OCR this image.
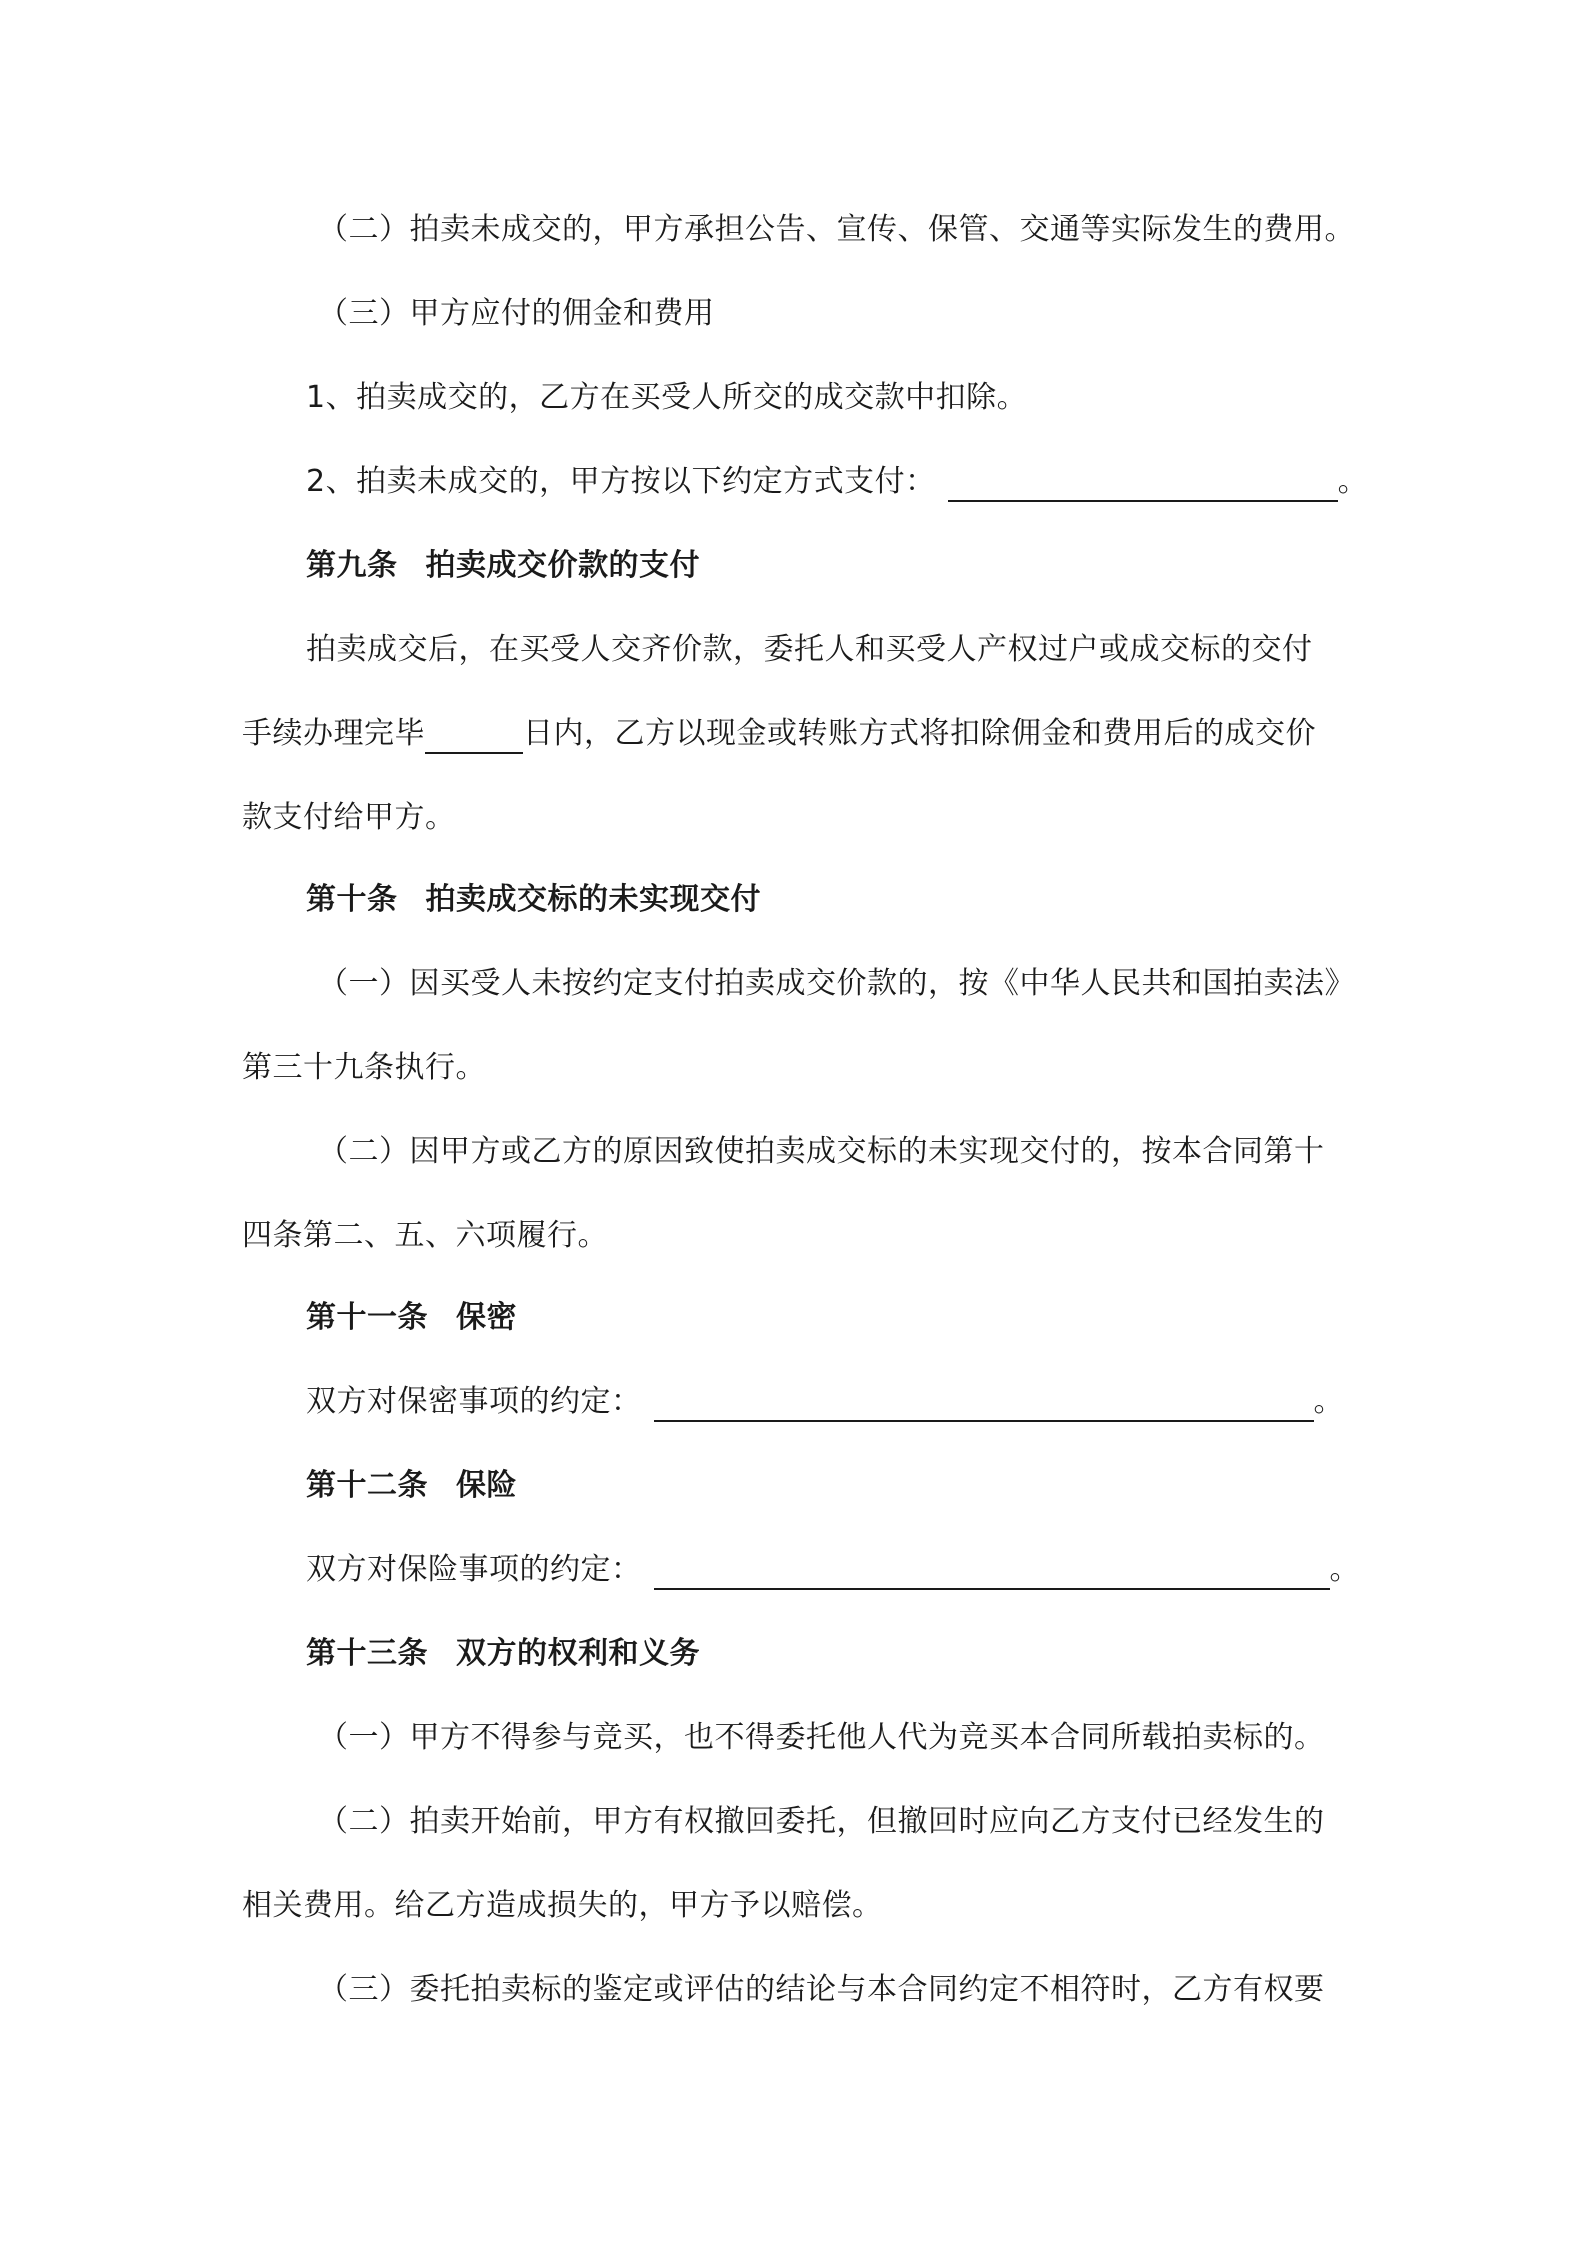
（二）拍卖未成交的，甲方承担公告、宣传、保管、交通等实际发生的费用。
（三）甲方应付的佣金和费用
1、拍卖成交的，乙方在买受人所交的成交款中扣除。
2、拍卖未成交的，甲方按以下约定方式支付：	。
第九条 拍卖成交价款的支付
拍卖成交后，在买受人交齐价款，委托人和买受人产权过户或成交标的交付
手续办理完毕	日内，乙方以现金或转账方式将扣除佣金和费用后的成交价
款支付给甲方。
第十条 拍卖成交标的未实现交付
（一）因买受人未按约定支付拍卖成交价款的，按《中华人民共和国拍卖法》
第三十九条执行。
（二）因甲方或乙方的原因致使拍卖成交标的未实现交付的，按本合同第十
四条第二、五、六项履行。
第十一条 保密
双方对保密事项的约定：	。
第十二条 保险
双方对保险事项的约定：	。
第十三条 双方的权利和义务
（一）甲方不得参与竞买，也不得委托他人代为竞买本合同所载拍卖标的。
（二）拍卖开始前，甲方有权撤回委托，但撤回时应向乙方支付已经发生的
相关费用。给乙方造成损失的，甲方予以赔偿。
（三）委托拍卖标的鉴定或评估的结论与本合同约定不相符时，乙方有权要
